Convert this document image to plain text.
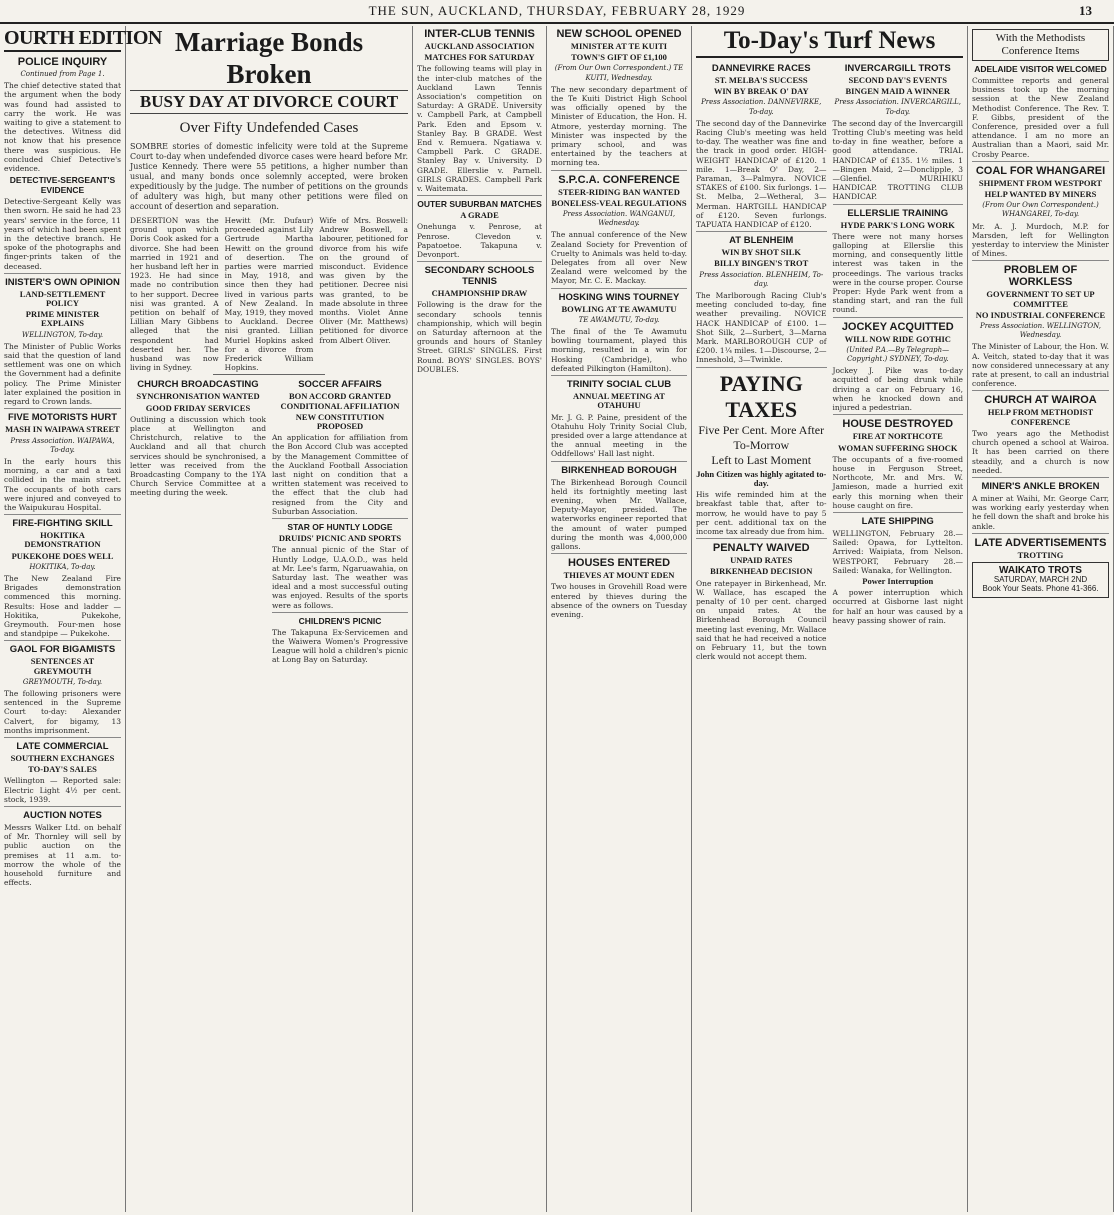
THE SUN, AUCKLAND, THURSDAY, FEBRUARY 28, 1929	13
OURTH EDITION
POLICE INQUIRY
Continued from Page 1.
The chief detective stated that the argument when the body was found had assisted to carry the work. He was waiting to give a statement to the detectives. Witness did not know that his presence there was suspicious. He concluded Chief Detective's evidence.
DETECTIVE-SERGEANT'S EVIDENCE
Detective-Sergeant Kelly was then sworn. He said he had 23 years' service in the force, 11 years of which had been spent in the detective branch. He spoke of the photographs and finger-prints taken of the deceased.
INISTER'S OWN OPINION
LAND-SETTLEMENT POLICY
PRIME MINISTER EXPLAINS
WELLINGTON, To-day.
The Minister of Public Works said that the question of land settlement was one on which the Government had a definite policy. The Prime Minister later explained the position in regard to Crown lands.
FIVE MOTORISTS HURT
MASH IN WAIPAWA STREET
Press Association. WAIPAWA, To-day.
In the early hours this morning, a car and a taxi collided in the main street. The occupants of both cars were injured and conveyed to the Waipukurau Hospital.
FIRE-FIGHTING SKILL
HOKITIKA DEMONSTRATION
PUKEKOHE DOES WELL
HOKITIKA, To-day.
The New Zealand Fire Brigades demonstration commenced this morning. Results: Hose and ladder — Hokitika, Pukekohe, Greymouth. Four-men hose and standpipe — Pukekohe.
GAOL FOR BIGAMISTS
SENTENCES AT GREYMOUTH
GREYMOUTH, To-day.
The following prisoners were sentenced in the Supreme Court to-day: Alexander Calvert, for bigamy, 13 months imprisonment.
LATE COMMERCIAL
SOUTHERN EXCHANGES
TO-DAY'S SALES
Wellington — Reported sale: Electric Light 4½ per cent. stock, 1939.
AUCTION NOTES
Messrs Walker Ltd. on behalf of Mr. Thornley will sell by public auction on the premises at 11 a.m. to-morrow the whole of the household furniture and effects.
Marriage Bonds Broken
BUSY DAY AT DIVORCE COURT
Over Fifty Undefended Cases
SOMBRE stories of domestic infelicity were told at the Supreme Court to-day when undefended divorce cases were heard before Mr. Justice Kennedy. There were 55 petitions, a higher number than usual, and many bonds once solemnly accepted, were broken expeditiously by the judge. The number of petitions on the grounds of adultery was high, but many other petitions were filed on account of desertion and separation.
DESERTION was the ground upon which Doris Cook asked for a divorce. She had been married in 1921 and her husband left her in 1923. He had since made no contribution to her support. Decree nisi was granted. A petition on behalf of Lillian Mary Gibbens alleged that the respondent had deserted her. The husband was now living in Sydney.
Hewitt (Mr. Dufaur) proceeded against Lily Gertrude Martha Hewitt on the ground of desertion. The parties were married in May, 1918, and since then they had lived in various parts of New Zealand. In May, 1919, they moved to Auckland. Decree nisi granted. Lillian Muriel Hopkins asked for a divorce from Frederick William Hopkins.
Wife of Mrs. Boswell: Andrew Boswell, a labourer, petitioned for divorce from his wife on the ground of misconduct. Evidence was given by the petitioner. Decree nisi was granted, to be made absolute in three months. Violet Anne Oliver (Mr. Matthews) petitioned for divorce from Albert Oliver.
CHURCH BROADCASTING
SYNCHRONISATION WANTED
GOOD FRIDAY SERVICES
Outlining a discussion which took place at Wellington and Christchurch, relative to the Auckland and all that church services should be synchronised, a letter was received from the Broadcasting Company to the 1YA Church Service Committee at a meeting during the week.
SOCCER AFFAIRS
BON ACCORD GRANTED CONDITIONAL AFFILIATION
NEW CONSTITUTION PROPOSED
An application for affiliation from the Bon Accord Club was accepted by the Management Committee of the Auckland Football Association last night on condition that a written statement was received to the effect that the club had resigned from the City and Suburban Association.
STAR OF HUNTLY LODGE
DRUIDS' PICNIC AND SPORTS
The annual picnic of the Star of Huntly Lodge, U.A.O.D., was held at Mr. Lee's farm, Ngaruawahia, on Saturday last. The weather was ideal and a most successful outing was enjoyed. Results of the sports were as follows.
CHILDREN'S PICNIC
The Takapuna Ex-Servicemen and the Waiwera Women's Progressive League will hold a children's picnic at Long Bay on Saturday.
INTER-CLUB TENNIS
AUCKLAND ASSOCIATION
MATCHES FOR SATURDAY
The following teams will play in the inter-club matches of the Auckland Lawn Tennis Association's competition on Saturday: A GRADE. University v. Campbell Park, at Campbell Park. Eden and Epsom v. Stanley Bay. B GRADE. West End v. Remuera. Ngatiawa v. Campbell Park. C GRADE. Stanley Bay v. University. D GRADE. Ellerslie v. Parnell. GIRLS GRADES. Campbell Park v. Waitemata.
OUTER SUBURBAN MATCHES
A GRADE
Onehunga v. Penrose, at Penrose. Clevedon v. Papatoetoe. Takapuna v. Devonport.
SECONDARY SCHOOLS TENNIS
CHAMPIONSHIP DRAW
Following is the draw for the secondary schools tennis championship, which will begin on Saturday afternoon at the grounds and hours of Stanley Street. GIRLS' SINGLES. First Round. BOYS' SINGLES. BOYS' DOUBLES.
NEW SCHOOL OPENED
MINISTER AT TE KUITI
TOWN'S GIFT OF £1,100
(From Our Own Correspondent.) TE KUITI, Wednesday.
The new secondary department of the Te Kuiti District High School was officially opened by the Minister of Education, the Hon. H. Atmore, yesterday morning. The Minister was inspected by the primary school, and was entertained by the teachers at morning tea.
S.P.C.A. CONFERENCE
STEER-RIDING BAN WANTED
BONELESS-VEAL REGULATIONS
Press Association. WANGANUI, Wednesday.
The annual conference of the New Zealand Society for Prevention of Cruelty to Animals was held to-day. Delegates from all over New Zealand were welcomed by the Mayor, Mr. C. E. Mackay.
HOSKING WINS TOURNEY
BOWLING AT TE AWAMUTU
TE AWAMUTU, To-day.
The final of the Te Awamutu bowling tournament, played this morning, resulted in a win for Hosking (Cambridge), who defeated Pilkington (Hamilton).
TRINITY SOCIAL CLUB
ANNUAL MEETING AT OTAHUHU
Mr. J. G. P. Paine, president of the Otahuhu Holy Trinity Social Club, presided over a large attendance at the annual meeting in the Oddfellows' Hall last night.
BIRKENHEAD BOROUGH
The Birkenhead Borough Council held its fortnightly meeting last evening, when Mr. Wallace, Deputy-Mayor, presided. The waterworks engineer reported that the amount of water pumped during the month was 4,000,000 gallons.
HOUSES ENTERED
THIEVES AT MOUNT EDEN
Two houses in Grovehill Road were entered by thieves during the absence of the owners on Tuesday evening.
To-Day's Turf News
DANNEVIRKE RACES
ST. MELBA'S SUCCESS
WIN BY BREAK O' DAY
Press Association. DANNEVIRKE, To-day.
The second day of the Dannevirke Racing Club's meeting was held to-day. The weather was fine and the track in good order. HIGH-WEIGHT HANDICAP of £120. 1 mile. 1—Break O' Day, 2—Paraman, 3—Palmyra. NOVICE STAKES of £100. Six furlongs. 1—St. Melba, 2—Wetheral, 3—Merman. HARTGILL HANDICAP of £120. Seven furlongs. TAPUATA HANDICAP of £120.
AT BLENHEIM
WIN BY SHOT SILK
BILLY BINGEN'S TROT
Press Association. BLENHEIM, To-day.
The Marlborough Racing Club's meeting concluded to-day, fine weather prevailing. NOVICE HACK HANDICAP of £100. 1—Shot Silk, 2—Surbert, 3—Marna Mark. MARLBOROUGH CUP of £200. 1¼ miles. 1—Discourse, 2—Inneshold, 3—Twinkle.
PAYING TAXES
Five Per Cent. More After To-Morrow
Left to Last Moment
John Citizen was highly agitated to-day.
His wife reminded him at the breakfast table that, after to-morrow, he would have to pay 5 per cent. additional tax on the income tax already due from him.
PENALTY WAIVED
UNPAID RATES
BIRKENHEAD DECISION
One ratepayer in Birkenhead, Mr. W. Wallace, has escaped the penalty of 10 per cent. charged on unpaid rates. At the Birkenhead Borough Council meeting last evening, Mr. Wallace said that he had received a notice on February 11, but the town clerk would not accept them.
INVERCARGILL TROTS
SECOND DAY'S EVENTS
BINGEN MAID A WINNER
Press Association. INVERCARGILL, To-day.
The second day of the Invercargill Trotting Club's meeting was held to-day in fine weather, before a good attendance. TRIAL HANDICAP of £135. 1½ miles. 1—Bingen Maid, 2—Donclipple, 3—Glenfiel. MURIHIKU HANDICAP. TROTTING CLUB HANDICAP.
ELLERSLIE TRAINING
HYDE PARK'S LONG WORK
There were not many horses galloping at Ellerslie this morning, and consequently little interest was taken in the proceedings. The various tracks were in the course proper. Course Proper: Hyde Park went from a standing start, and ran the full round.
JOCKEY ACQUITTED
WILL NOW RIDE GOTHIC
(United P.A.—By Telegraph—Copyright.) SYDNEY, To-day.
Jockey J. Pike was to-day acquitted of being drunk while driving a car on February 16, when he knocked down and injured a pedestrian.
HOUSE DESTROYED
FIRE AT NORTHCOTE
WOMAN SUFFERING SHOCK
The occupants of a five-roomed house in Ferguson Street, Northcote, Mr. and Mrs. W. Jamieson, made a hurried exit early this morning when their house caught on fire.
LATE SHIPPING
WELLINGTON, February 28.—Sailed: Opawa, for Lyttelton. Arrived: Waipiata, from Nelson. WESTPORT, February 28.—Sailed: Wanaka, for Wellington.
Power Interruption
A power interruption which occurred at Gisborne last night for half an hour was caused by a heavy passing shower of rain.
With the Methodists
Conference Items
ADELAIDE VISITOR WELCOMED
Committee reports and general business took up the morning session at the New Zealand Methodist Conference. The Rev. T. F. Gibbs, president of the Conference, presided over a full attendance. I am no more an Australian than a Maori, said Mr. Crosby Pearce.
COAL FOR WHANGAREI
SHIPMENT FROM WESTPORT
HELP WANTED BY MINERS
(From Our Own Correspondent.) WHANGAREI, To-day.
Mr. A. J. Murdoch, M.P. for Marsden, left for Wellington yesterday to interview the Minister of Mines.
PROBLEM OF WORKLESS
GOVERNMENT TO SET UP COMMITTEE
NO INDUSTRIAL CONFERENCE
Press Association. WELLINGTON, Wednesday.
The Minister of Labour, the Hon. W. A. Veitch, stated to-day that it was now considered unnecessary at any rate at present, to call an industrial conference.
CHURCH AT WAIROA
HELP FROM METHODIST CONFERENCE
Two years ago the Methodist church opened a school at Wairoa. It has been carried on there steadily, and a church is now needed.
MINER'S ANKLE BROKEN
A miner at Waihi, Mr. George Carr, was working early yesterday when he fell down the shaft and broke his ankle.
LATE ADVERTISEMENTS
TROTTING
WAIKATO TROTS
SATURDAY, MARCH 2ND
Book Your Seats. Phone 41-366.
